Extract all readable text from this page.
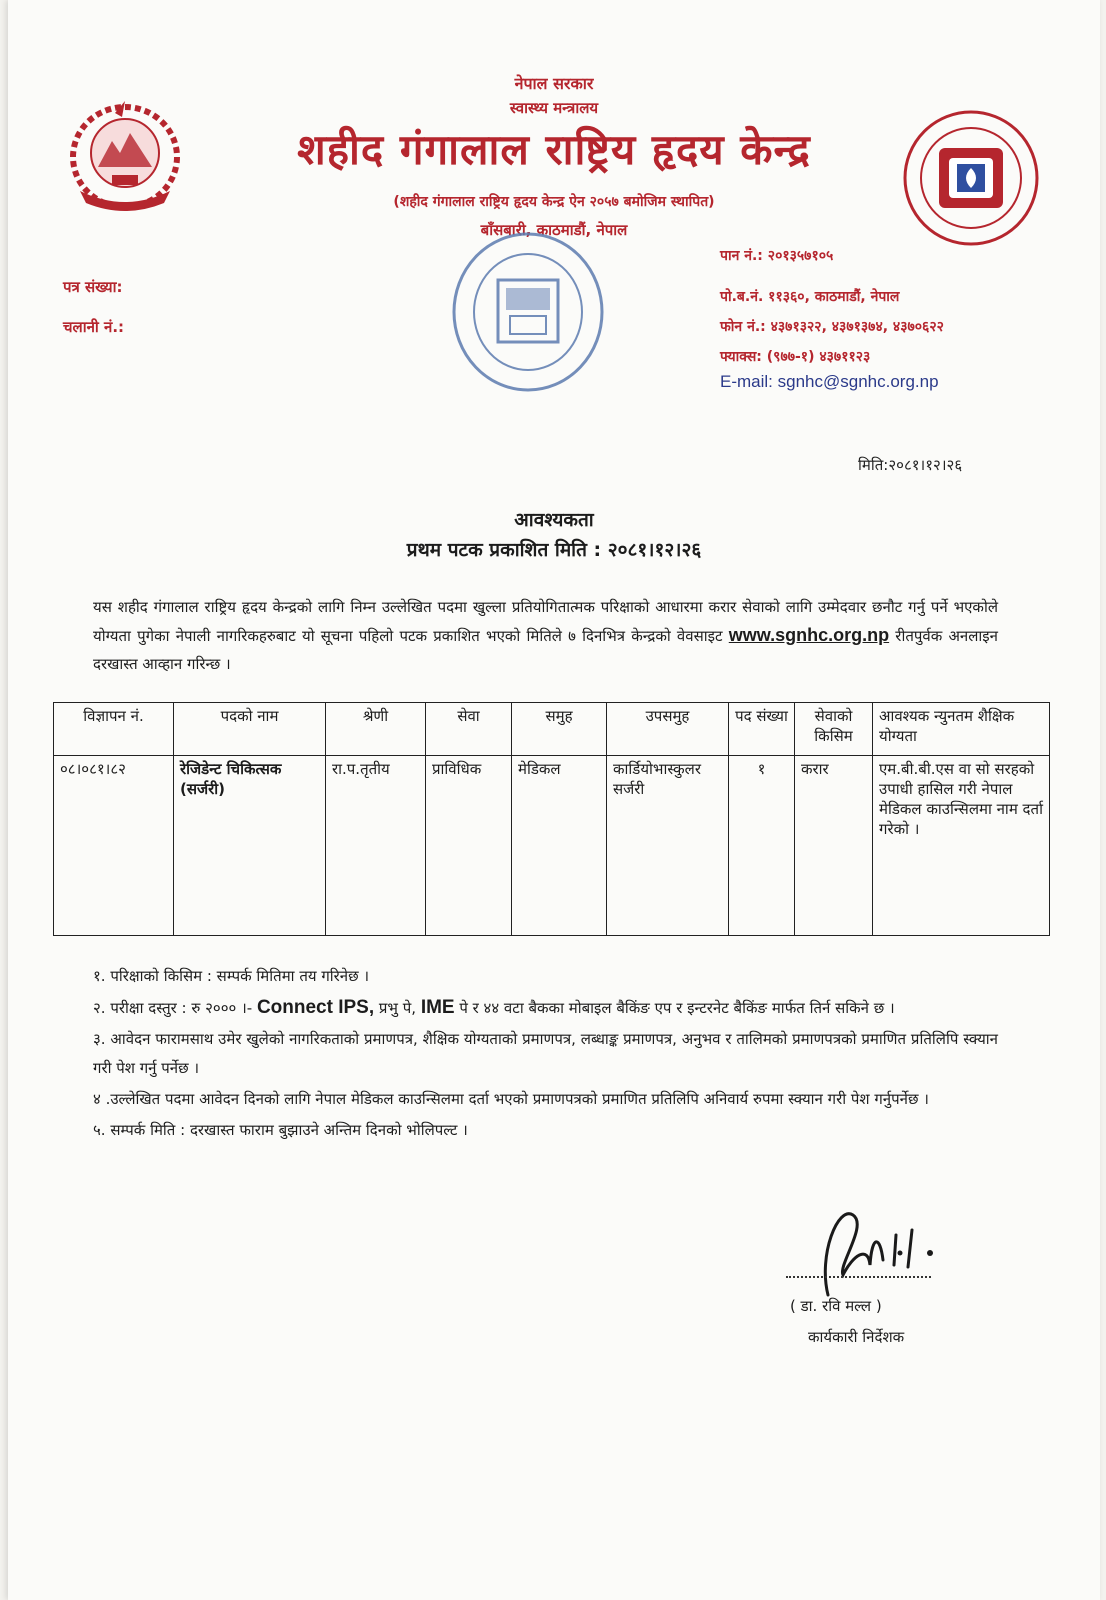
नेपाल सरकार
स्वास्थ्य मन्त्रालय
शहीद गंगालाल राष्ट्रिय हृदय केन्द्र
(शहीद गंगालाल राष्ट्रिय हृदय केन्द्र ऐन २०५७ बमोजिम स्थापित)
बाँसबारी, काठमाडौं, नेपाल
पत्र संख्या:
चलानी नं.:
पान नं.: २०१३५७१०५
पो.ब.नं. ११३६०, काठमाडौं, नेपाल
फोन नं.: ४३७१३२२, ४३७१३७४, ४३७०६२२
फ्याक्स: (९७७-१) ४३७११२३
E-mail: sgnhc@sgnhc.org.np
मिति:२०८१।१२।२६
आवश्यकता
प्रथम पटक प्रकाशित मिति : २०८१।१२।२६
यस शहीद गंगालाल राष्ट्रिय हृदय केन्द्रको लागि निम्न उल्लेखित पदमा खुल्ला प्रतियोगितात्मक परिक्षाको आधारमा करार सेवाको लागि उम्मेदवार छनौट गर्नु पर्ने भएकोले योग्यता पुगेका नेपाली नागरिकहरुबाट यो सूचना पहिलो पटक प्रकाशित भएको मितिले ७ दिनभित्र केन्द्रको वेवसाइट www.sgnhc.org.np रीतपुर्वक अनलाइन दरखास्त आव्हान गरिन्छ ।
विज्ञापन नं.	पदको नाम	श्रेणी	सेवा	समुह	उपसमुह	पद संख्या	सेवाको किसिम	आवश्यक न्युनतम शैक्षिक योग्यता
०८।०८१।८२	रेजिडेन्ट चिकित्सक (सर्जरी)	रा.प.तृतीय	प्राविधिक	मेडिकल	कार्डियोभास्कुलर सर्जरी	१	करार	एम.बी.बी.एस वा सो सरहको उपाधी हासिल गरी नेपाल मेडिकल काउन्सिलमा नाम दर्ता गरेको ।

१. परिक्षाको किसिम : सम्पर्क मितिमा तय गरिनेछ ।

२. परीक्षा दस्तुर : रु २००० ।- Connect IPS, प्रभु पे, IME पे र ४४ वटा बैकका मोबाइल बैकिंङ एप र इन्टरनेट बैकिंङ मार्फत तिर्न सकिने छ ।

३. आवेदन फारामसाथ उमेर खुलेको नागरिकताको प्रमाणपत्र, शैक्षिक योग्यताको प्रमाणपत्र, लब्धाङ्क प्रमाणपत्र, अनुभव र तालिमको प्रमाणपत्रको प्रमाणित प्रतिलिपि स्क्यान गरी पेश गर्नु पर्नेछ ।

४ .उल्लेखित पदमा आवेदन दिनको लागि नेपाल मेडिकल काउन्सिलमा दर्ता भएको प्रमाणपत्रको प्रमाणित प्रतिलिपि अनिवार्य रुपमा स्क्यान गरी पेश गर्नुपर्नेछ ।

५. सम्पर्क मिति : दरखास्त फाराम बुझाउने अन्तिम दिनको भोलिपल्ट ।

( डा. रवि मल्ल )
कार्यकारी निर्देशक
